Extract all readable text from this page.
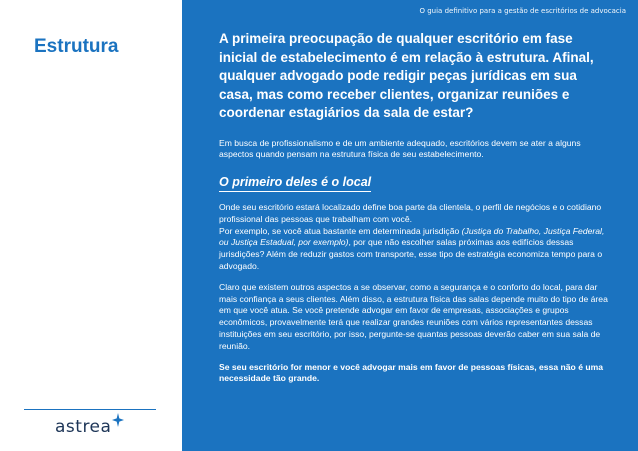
Estrutura
astrea
O guia definitivo para a gestão de escritórios de advocacia

A primeira preocupação de qualquer escritório em fase inicial de estabelecimento é em relação à estrutura. Afinal, qualquer advogado pode redigir peças jurídicas em sua casa, mas como receber clientes, organizar reuniões e coordenar estagiários da sala de estar?

Em busca de profissionalismo e de um ambiente adequado, escritórios devem se ater a alguns aspectos quando pensam na estrutura física de seu estabelecimento.

O primeiro deles é o local

Onde seu escritório estará localizado define boa parte da clientela, o perfil de negócios e o cotidiano profissional das pessoas que trabalham com você.

Por exemplo, se você atua bastante em determinada jurisdição (Justiça do Trabalho, Justiça Federal, ou Justiça Estadual, por exemplo), por que não escolher salas próximas aos edifícios dessas jurisdições? Além de reduzir gastos com transporte, esse tipo de estratégia economiza tempo para o advogado.

Claro que existem outros aspectos a se observar, como a segurança e o conforto do local, para dar mais confiança a seus clientes. Além disso, a estrutura física das salas depende muito do tipo de área em que você atua. Se você pretende advogar em favor de empresas, associações e grupos econômicos, provavelmente terá que realizar grandes reuniões com vários representantes dessas instituições em seu escritório, por isso, pergunte-se quantas pessoas deverão caber em sua sala de reunião.

Se seu escritório for menor e você advogar mais em favor de pessoas físicas, essa não é uma necessidade tão grande.
